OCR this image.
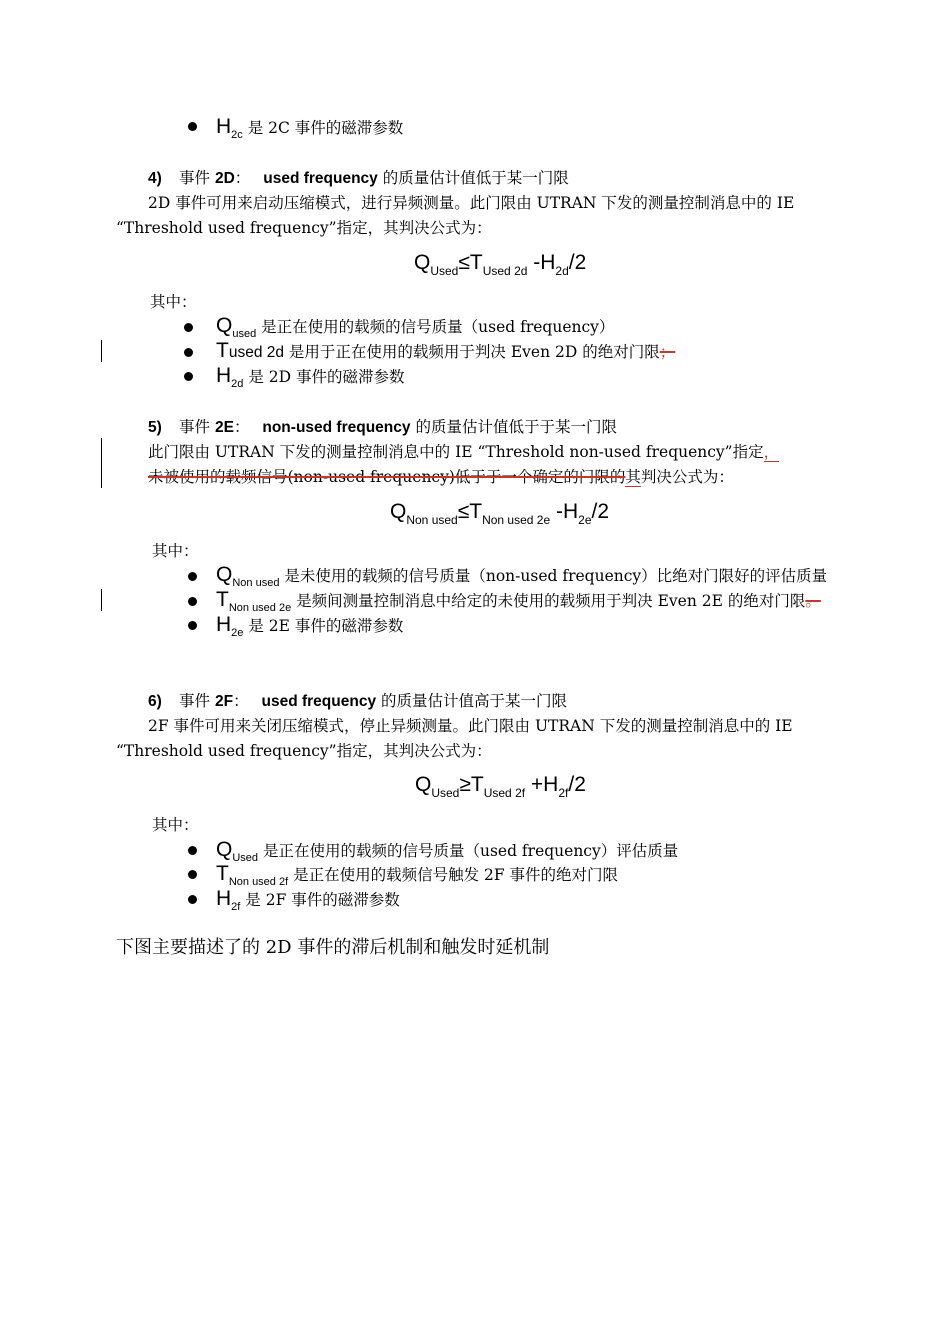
$H_{2c}$ 是 2C 事件的磁滞参数
4) 事件 2D： used frequency 的质量估计值低于某一门限
2D 事件可用来启动压缩模式，进行异频测量。此门限由 UTRAN 下发的测量控制消息中的 IE
“Threshold used frequency”指定，其判决公式为：
$Q_{Used}\le T_{Used 2d}$ $-H_{2d}/2$
其中：
$Q_{used}$ 是正在使用的载频的信号质量（used frequency）
Tused 2d 是用于正在使用的载频用于判决 Even 2D 的绝对门限；
$H_{2d}$ 是 2D 事件的磁滞参数
5) 事件 2E： non-used frequency 的质量估计值低于于某一门限
此门限由 UTRAN 下发的测量控制消息中的 IE “Threshold non-used frequency”指定，
未被使用的载频信号(non-used frequency)低于于一个确定的门限的其判决公式为：
$Q_{Non used}\le T_{Non used 2e}$ $-H_{2e}/2$
其中：
$Q_{Non used}$ 是未使用的载频的信号质量（non-used frequency）比绝对门限好的评估质量
$T_{Non used 2e}$ 是频间测量控制消息中给定的未使用的载频用于判决 Even 2E 的绝对门限。
$H_{2e}$ 是 2E 事件的磁滞参数
6) 事件 2F： used frequency 的质量估计值高于某一门限
2F 事件可用来关闭压缩模式，停止异频测量。此门限由 UTRAN 下发的测量控制消息中的 IE
“Threshold used frequency”指定，其判决公式为：
$Q_{Used}\ge T_{Used 2f} +H_{2f}/2$
其中：
$Q_{Used}$ 是正在使用的载频的信号质量（used frequency）评估质量
$T_{Non used 2f}$ 是正在使用的载频信号触发 2F 事件的绝对门限
$H_{2f}$ 是 2F 事件的磁滞参数
下图主要描述了的 2D 事件的滞后机制和触发时延机制
